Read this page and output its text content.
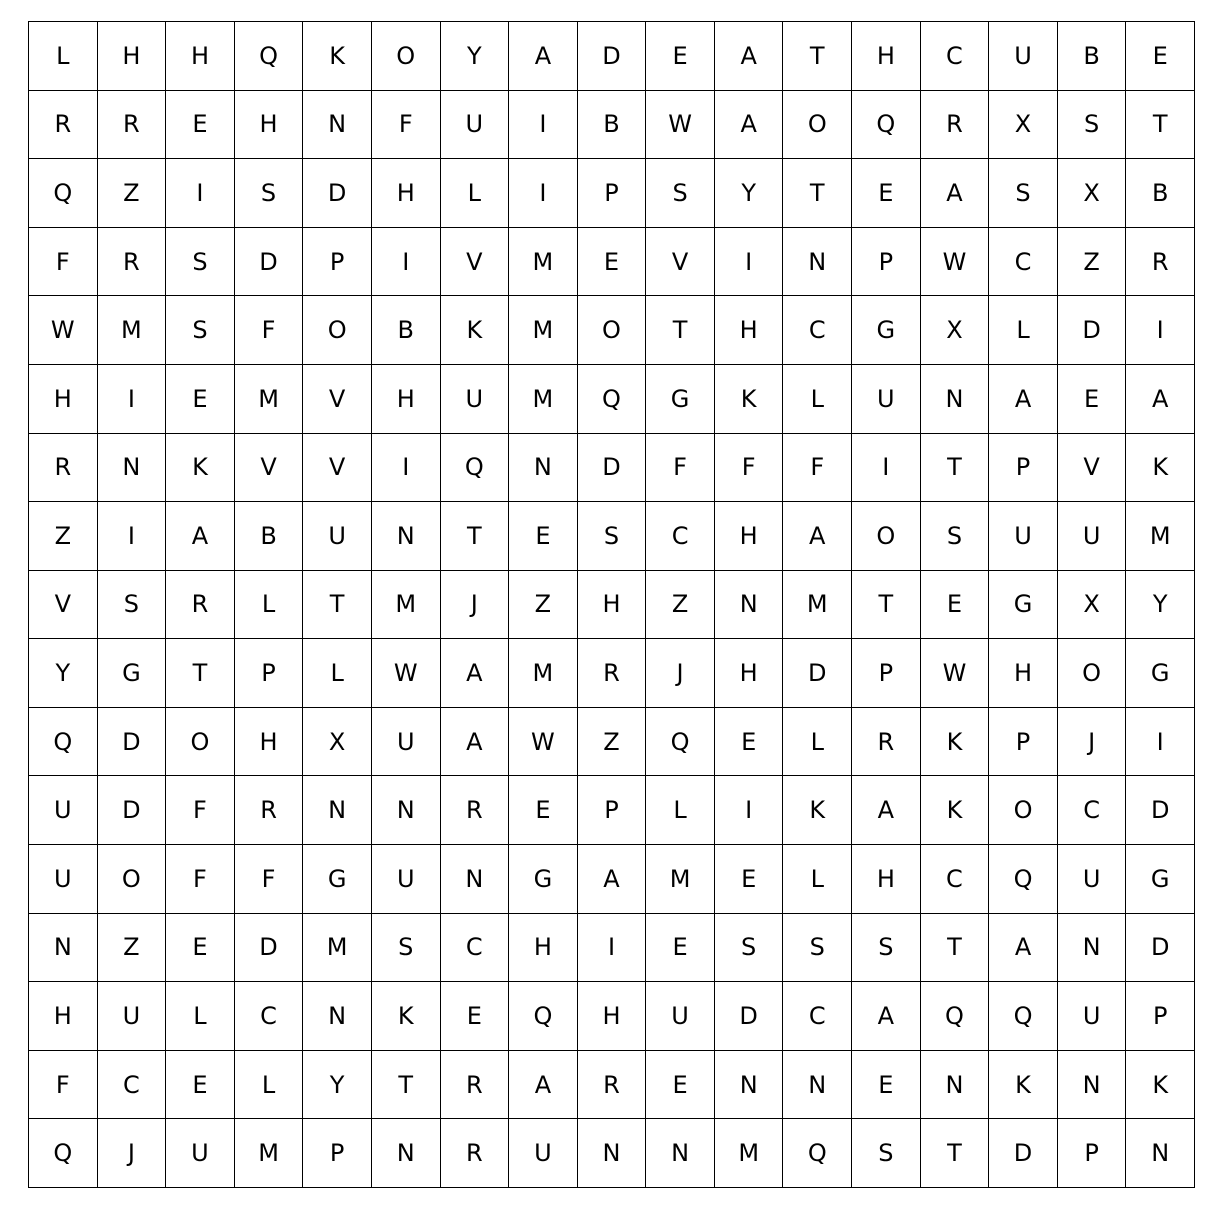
L	H	H	Q	K	O	Y	A	D	E	A	T	H	C	U	B	E
R	R	E	H	N	F	U	I	B	W	A	O	Q	R	X	S	T
Q	Z	I	S	D	H	L	I	P	S	Y	T	E	A	S	X	B
F	R	S	D	P	I	V	M	E	V	I	N	P	W	C	Z	R
W	M	S	F	O	B	K	M	O	T	H	C	G	X	L	D	I
H	I	E	M	V	H	U	M	Q	G	K	L	U	N	A	E	A
R	N	K	V	V	I	Q	N	D	F	F	F	I	T	P	V	K
Z	I	A	B	U	N	T	E	S	C	H	A	O	S	U	U	M
V	S	R	L	T	M	J	Z	H	Z	N	M	T	E	G	X	Y
Y	G	T	P	L	W	A	M	R	J	H	D	P	W	H	O	G
Q	D	O	H	X	U	A	W	Z	Q	E	L	R	K	P	J	I
U	D	F	R	N	N	R	E	P	L	I	K	A	K	O	C	D
U	O	F	F	G	U	N	G	A	M	E	L	H	C	Q	U	G
N	Z	E	D	M	S	C	H	I	E	S	S	S	T	A	N	D
H	U	L	C	N	K	E	Q	H	U	D	C	A	Q	Q	U	P
F	C	E	L	Y	T	R	A	R	E	N	N	E	N	K	N	K
Q	J	U	M	P	N	R	U	N	N	M	Q	S	T	D	P	N
